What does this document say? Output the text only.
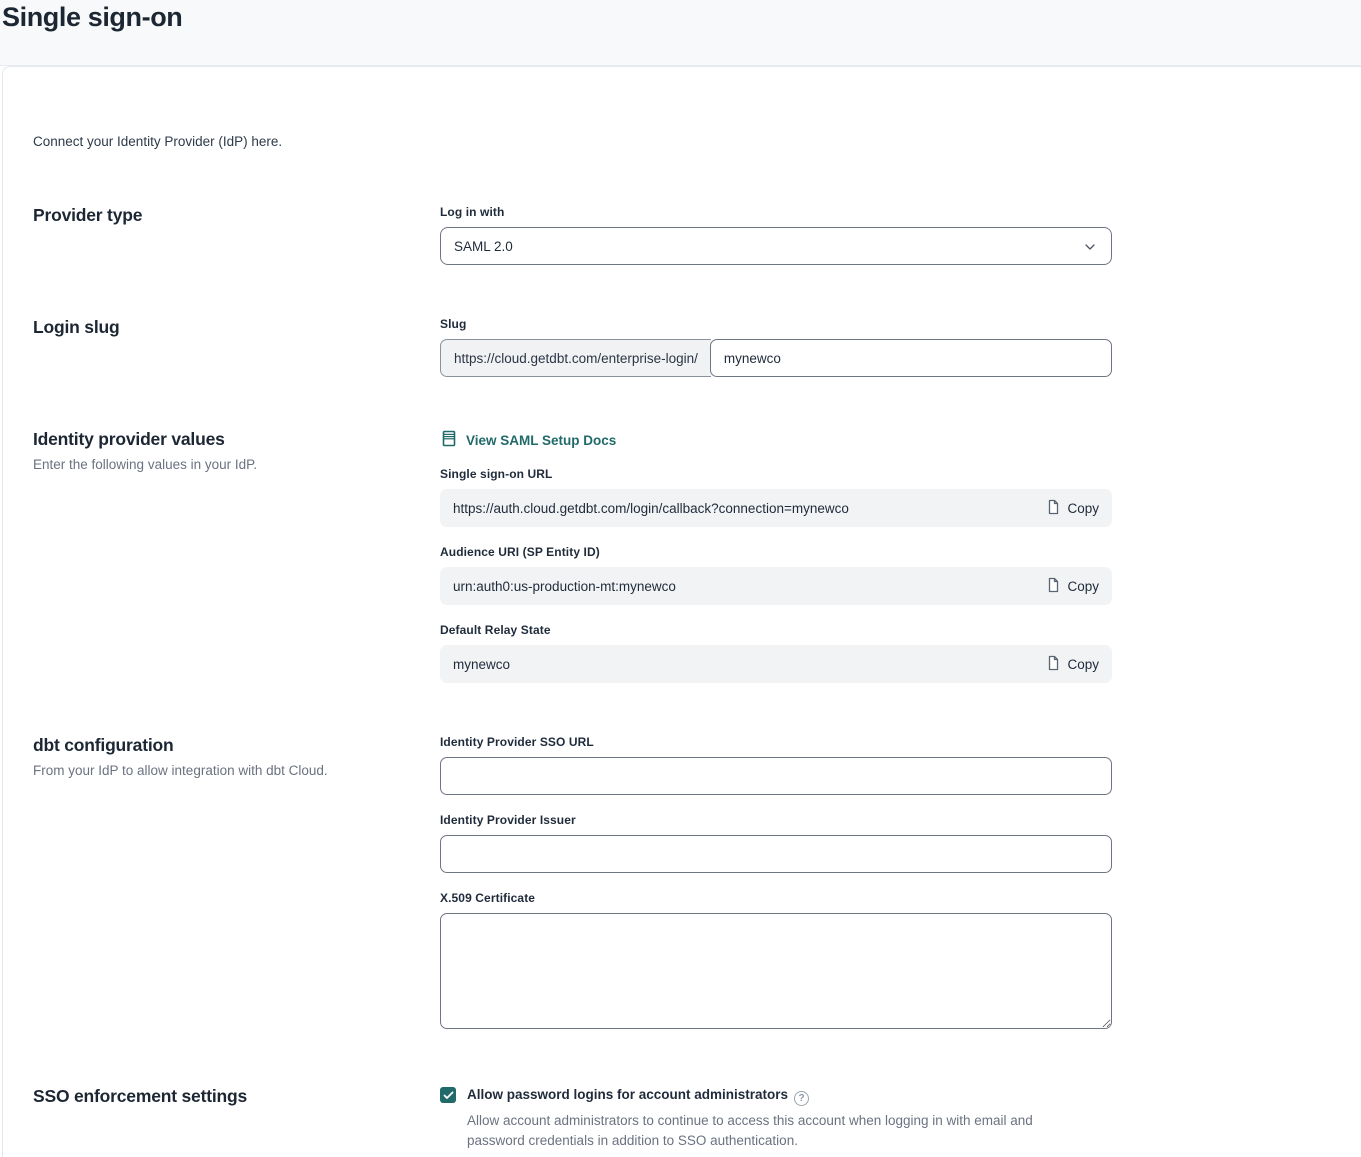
Single sign-on

Connect your Identity Provider (IdP) here.

Provider type	Log in with
SAML 2.0
Login slug	Slug
https://cloud.getdbt.com/enterprise-login/
mynewco
Identity provider values

Enter the following values in your IdP.

View SAML Setup Docs
Single sign-on URL
https://auth.cloud.getdbt.com/login/callback?connection=mynewco	Copy
Audience URI (SP Entity ID)
urn:auth0:us-production-mt:mynewco	Copy
Default Relay State
mynewco	Copy
dbt configuration

From your IdP to allow integration with dbt Cloud.

Identity Provider SSO URL
Identity Provider Issuer
X.509 Certificate
SSO enforcement settings	Allow password logins for account administrators ?

Allow account administrators to continue to access this account when logging in with email and password credentials in addition to SSO authentication.
